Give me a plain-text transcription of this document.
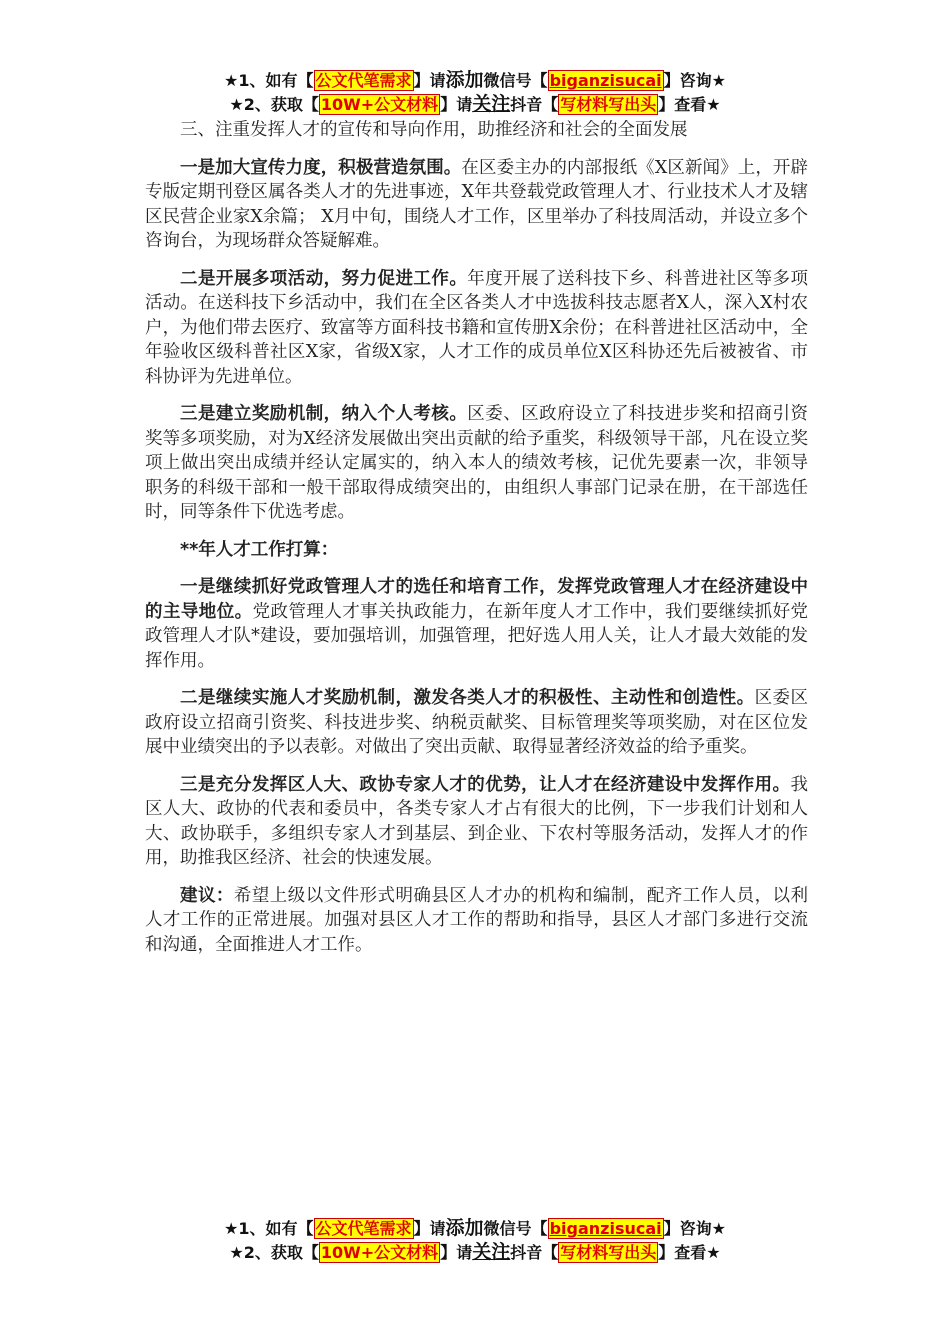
★1、如有【 公文代笔需求 】请添加微信号【 biganzisucai 】咨询★
★2、获取【 10W+公文材料 】请关注抖音【 写材料写出头 】查看★

三、注重发挥人才的宣传和导向作用，助推经济和社会的全面发展

一是加大宣传力度，积极营造氛围。在区委主办的内部报纸《X区新闻》上，开辟专版定期刊登区属各类人才的先进事迹，X年共登载党政管理人才、行业技术人才及辖区民营企业家X余篇； X月中旬，围绕人才工作，区里举办了科技周活动，并设立多个咨询台，为现场群众答疑解难。

二是开展多项活动，努力促进工作。年度开展了送科技下乡、科普进社区等多项活动。在送科技下乡活动中，我们在全区各类人才中选拔科技志愿者X人，深入X村农户，为他们带去医疗、致富等方面科技书籍和宣传册X余份；在科普进社区活动中，全年验收区级科普社区X家，省级X家，人才工作的成员单位X区科协还先后被被省、市科协评为先进单位。

三是建立奖励机制，纳入个人考核。区委、区政府设立了科技进步奖和招商引资奖等多项奖励，对为X经济发展做出突出贡献的给予重奖，科级领导干部，凡在设立奖项上做出突出成绩并经认定属实的，纳入本人的绩效考核，记优先要素一次，非领导职务的科级干部和一般干部取得成绩突出的，由组织人事部门记录在册，在干部选任时，同等条件下优选考虑。

**年人才工作打算：

一是继续抓好党政管理人才的选任和培育工作，发挥党政管理人才在经济建设中的主导地位。党政管理人才事关执政能力，在新年度人才工作中，我们要继续抓好党政管理人才队*建设，要加强培训，加强管理，把好选人用人关，让人才最大效能的发挥作用。

二是继续实施人才奖励机制，激发各类人才的积极性、主动性和创造性。区委区政府设立招商引资奖、科技进步奖、纳税贡献奖、目标管理奖等项奖励，对在区位发展中业绩突出的予以表彰。对做出了突出贡献、取得显著经济效益的给予重奖。

三是充分发挥区人大、政协专家人才的优势，让人才在经济建设中发挥作用。我区人大、政协的代表和委员中，各类专家人才占有很大的比例，下一步我们计划和人大、政协联手，多组织专家人才到基层、到企业、下农村等服务活动，发挥人才的作用，助推我区经济、社会的快速发展。

建议：希望上级以文件形式明确县区人才办的机构和编制，配齐工作人员，以利人才工作的正常进展。加强对县区人才工作的帮助和指导，县区人才部门多进行交流和沟通，全面推进人才工作。

★1、如有【 公文代笔需求 】请添加微信号【 biganzisucai 】咨询★
★2、获取【 10W+公文材料 】请关注抖音【 写材料写出头 】查看★
